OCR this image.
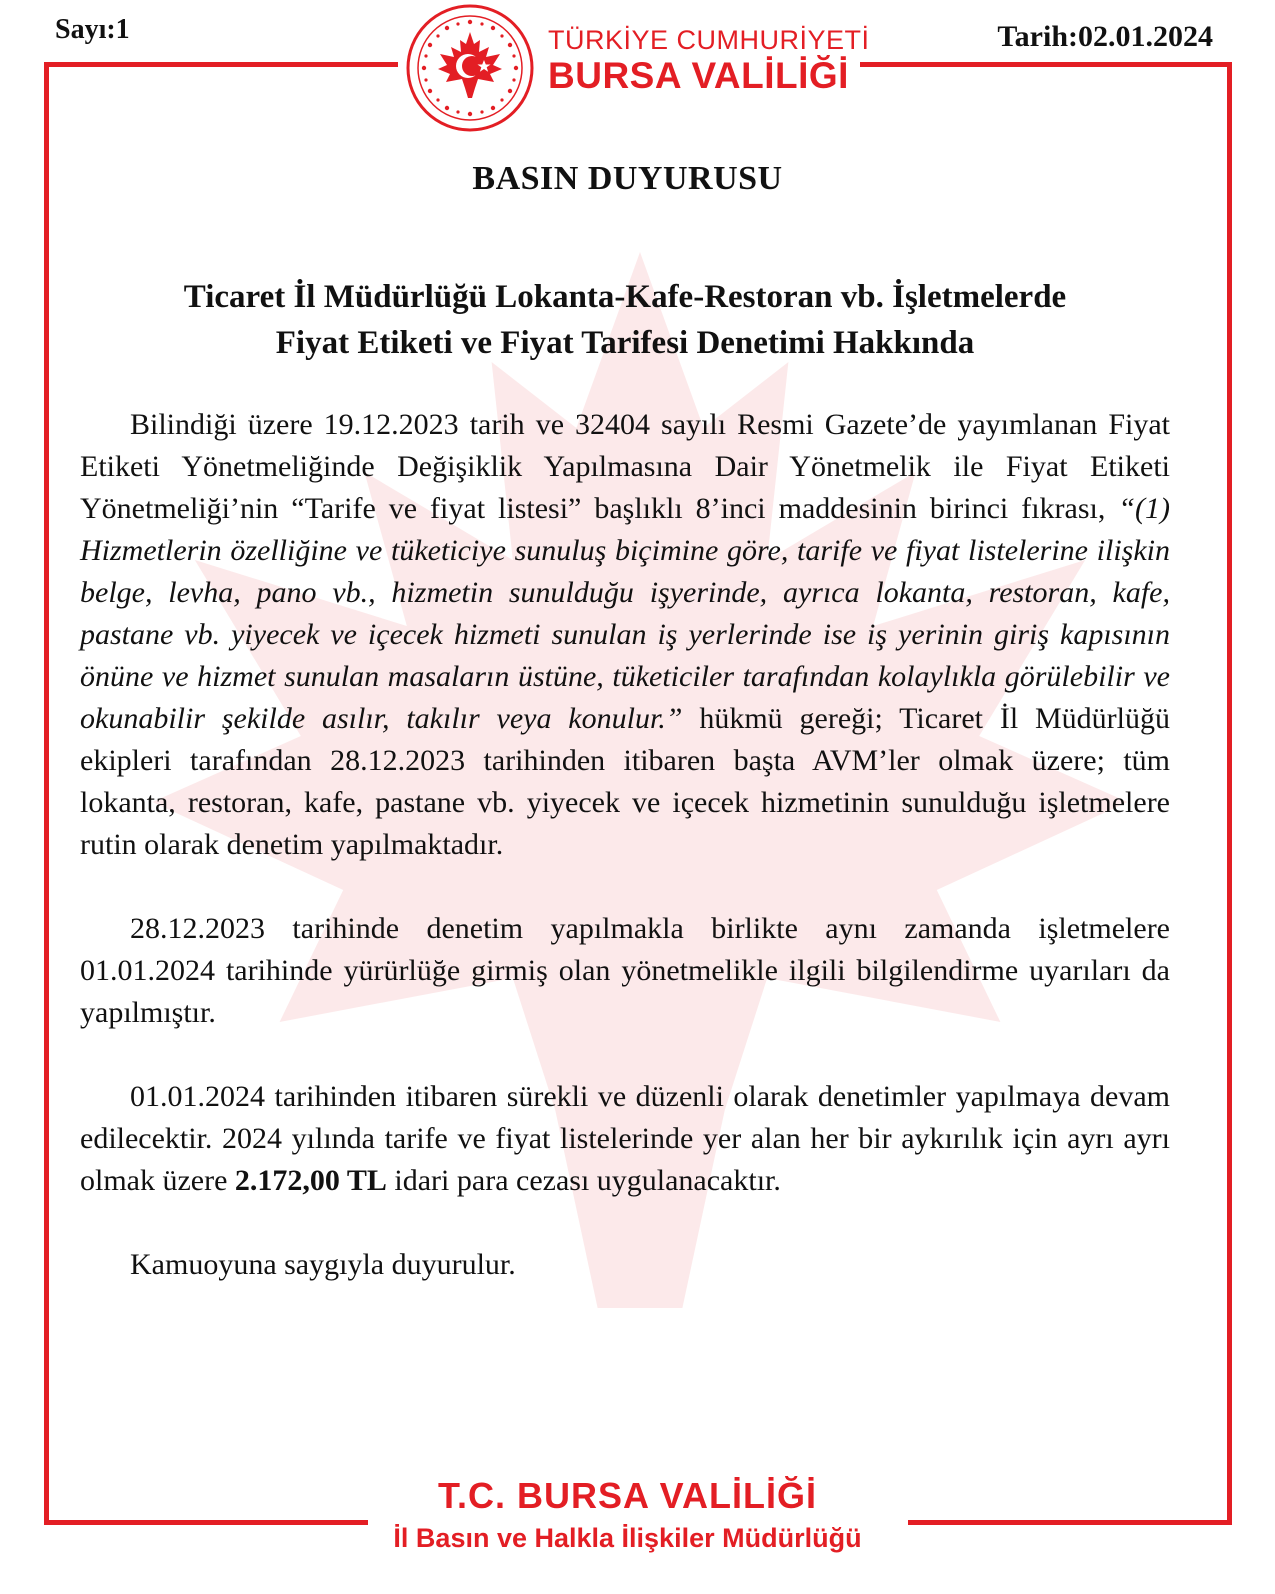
Sayı:1	Tarih:02.01.2024
TÜRKİYE CUMHURİYETİ
BURSA VALİLİĞİ
BASIN DUYURUSU
Ticaret İl Müdürlüğü Lokanta-Kafe-Restoran vb. İşletmelerde
Fiyat Etiketi ve Fiyat Tarifesi Denetimi Hakkında

Bilindiği üzere 19.12.2023 tarih ve 32404 sayılı Resmi Gazete’de yayımlanan Fiyat Etiketi Yönetmeliğinde Değişiklik Yapılmasına Dair Yönetmelik ile Fiyat Etiketi Yönetmeliği’nin “Tarife ve fiyat listesi” başlıklı 8’inci maddesinin birinci fıkrası, “(1) Hizmetlerin özelliğine ve tüketiciye sunuluş biçimine göre, tarife ve fiyat listelerine ilişkin belge, levha, pano vb., hizmetin sunulduğu işyerinde, ayrıca lokanta, restoran, kafe, pastane vb. yiyecek ve içecek hizmeti sunulan iş yerlerinde ise iş yerinin giriş kapısının önüne ve hizmet sunulan masaların üstüne, tüketiciler tarafından kolaylıkla görülebilir ve okunabilir şekilde asılır, takılır veya konulur.” hükmü gereği; Ticaret İl Müdürlüğü ekipleri tarafından 28.12.2023 tarihinden itibaren başta AVM’ler olmak üzere; tüm lokanta, restoran, kafe, pastane vb. yiyecek ve içecek hizmetinin sunulduğu işletmelere rutin olarak denetim yapılmaktadır.

28.12.2023 tarihinde denetim yapılmakla birlikte aynı zamanda işletmelere 01.01.2024 tarihinde yürürlüğe girmiş olan yönetmelikle ilgili bilgilendirme uyarıları da yapılmıştır.

01.01.2024 tarihinden itibaren sürekli ve düzenli olarak denetimler yapılmaya devam edilecektir. 2024 yılında tarife ve fiyat listelerinde yer alan her bir aykırılık için ayrı ayrı olmak üzere 2.172,00 TL idari para cezası uygulanacaktır.

Kamuoyuna saygıyla duyurulur.

T.C. BURSA VALİLİĞİ
İl Basın ve Halkla İlişkiler Müdürlüğü
